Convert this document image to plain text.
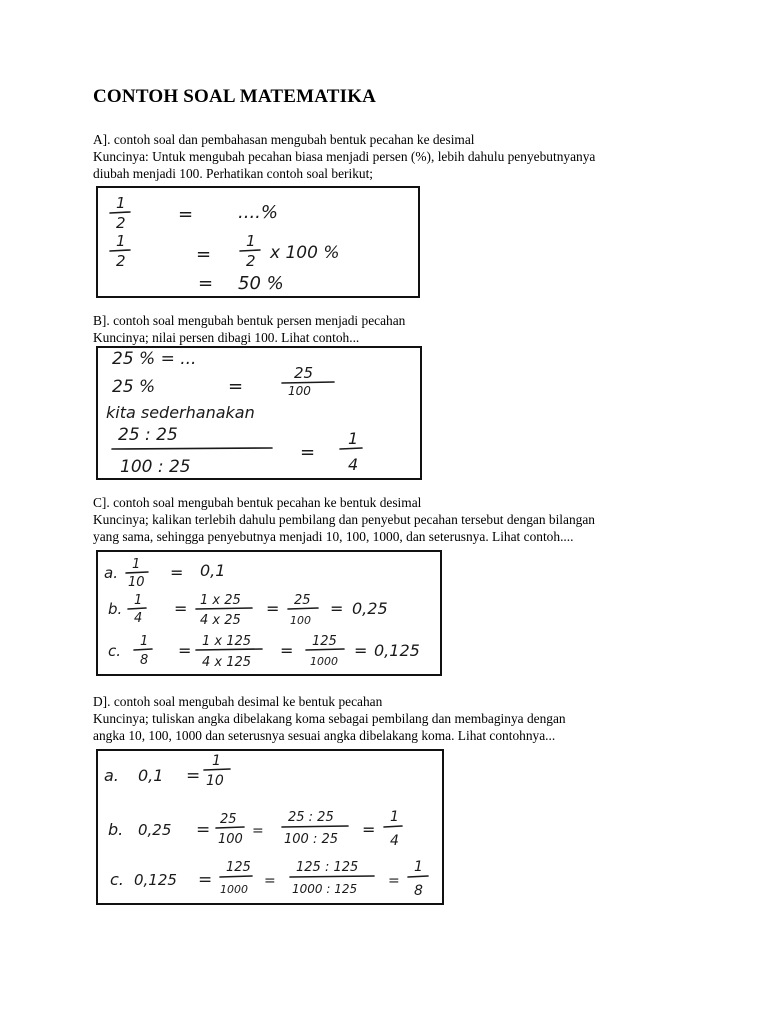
CONTOH SOAL MATEMATIKA

A]. contoh soal dan pembahasan mengubah bentuk pecahan ke desimal

Kuncinya: Untuk mengubah pecahan biasa menjadi persen (%), lebih dahulu penyebutnyanya

diubah menjadi 100. Perhatikan contoh soal berikut;

1
2	= ....%
1
2	=
1
2 x 100 %
= 50 %

B]. contoh soal mengubah bentuk persen menjadi pecahan

Kuncinya; nilai persen dibagi 100. Lihat contoh...

25 % = ...
25 %	=
25
100
kita sederhanakan
25 : 25
100 : 25
=
1
4

C]. contoh soal mengubah bentuk pecahan ke bentuk desimal

Kuncinya; kalikan terlebih dahulu pembilang dan penyebut pecahan tersebut dengan bilangan

yang sama, sehingga penyebutnya menjadi 10, 100, 1000, dan seterusnya. Lihat contoh....

a. 1
10
= 0,1
b. 1
4
= 1 x 25
4 x 25
= 25
100
= 0,25
c.
1
8
= 1 x 125
4 x 125
= 125
1000
= 0,125

D]. contoh soal mengubah desimal ke bentuk pecahan

Kuncinya; tuliskan angka dibelakang koma sebagai pembilang dan membaginya dengan

angka 10, 100, 1000 dan seterusnya sesuai angka dibelakang koma. Lihat contohnya...

a. 0,1 =
1
10
b. 0,25 =
25
100
=
25 : 25
100 : 25
=
1
4
c. 0,125 =
125
1000
=
125 : 125
1000 : 125 =
1
8
